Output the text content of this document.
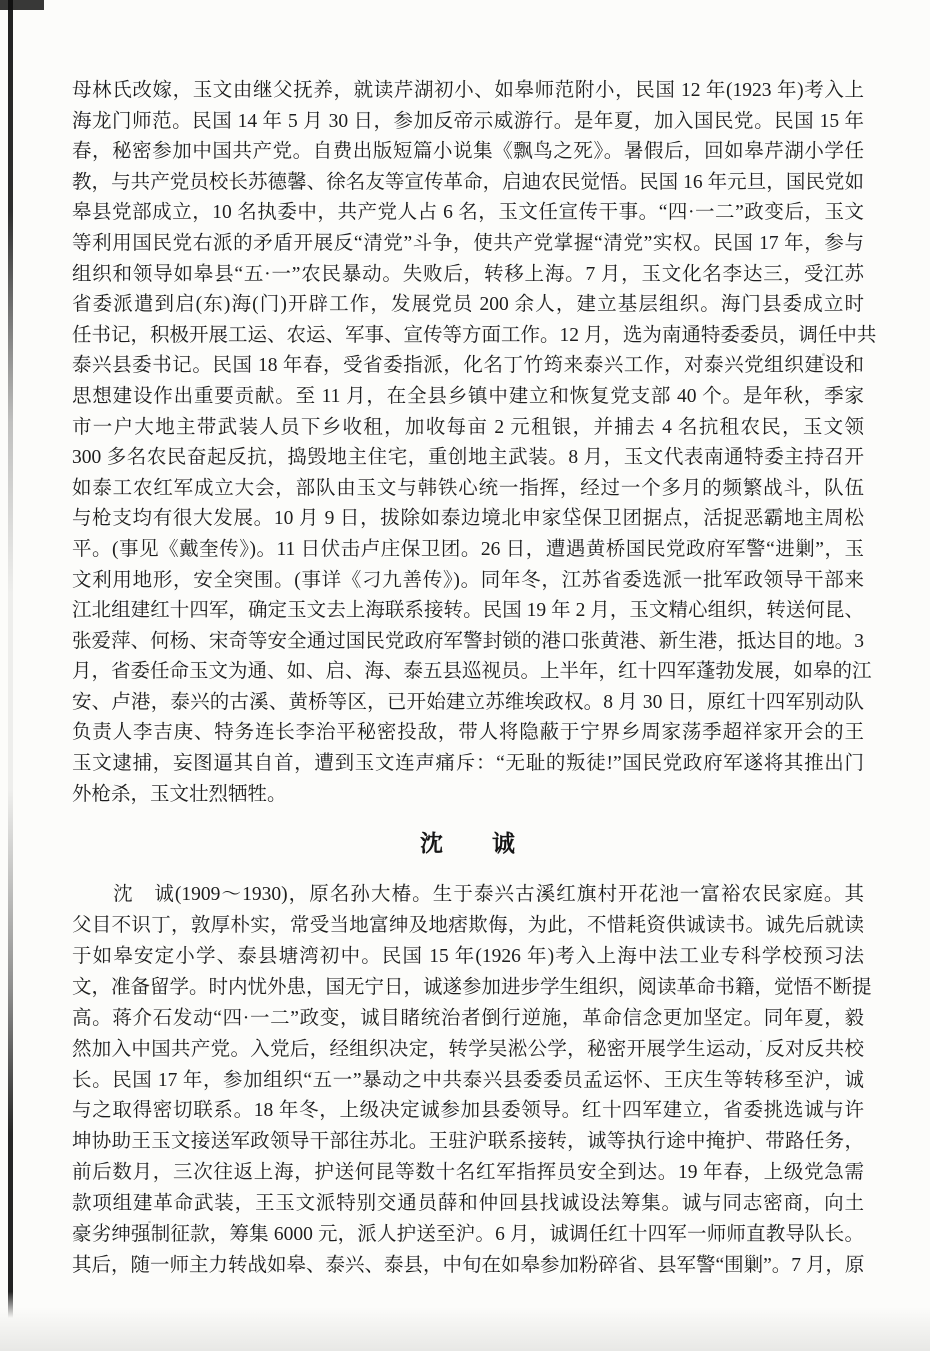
母林氏改嫁，玉文由继父抚养，就读芹湖初小、如皋师范附小，民国 12 年(1923 年)考入上
海龙门师范。民国 14 年 5 月 30 日，参加反帝示威游行。是年夏，加入国民党。民国 15 年
春，秘密参加中国共产党。自费出版短篇小说集《飘鸟之死》。暑假后，回如皋芹湖小学任
教，与共产党员校长苏德馨、徐名友等宣传革命，启迪农民觉悟。民国 16 年元旦，国民党如
皋县党部成立，10 名执委中，共产党人占 6 名，玉文任宣传干事。“四·一二”政变后，玉文
等利用国民党右派的矛盾开展反“清党”斗争，使共产党掌握“清党”实权。民国 17 年，参与
组织和领导如皋县“五·一”农民暴动。失败后，转移上海。7 月，玉文化名李达三，受江苏
省委派遣到启(东)海(门)开辟工作，发展党员 200 余人，建立基层组织。海门县委成立时
任书记，积极开展工运、农运、军事、宣传等方面工作。12 月，选为南通特委委员，调任中共
泰兴县委书记。民国 18 年春，受省委指派，化名丁竹筠来泰兴工作，对泰兴党组织建设和
思想建设作出重要贡献。至 11 月，在全县乡镇中建立和恢复党支部 40 个。是年秋，季家
市一户大地主带武装人员下乡收租，加收每亩 2 元租银，并捕去 4 名抗租农民，玉文领
300 多名农民奋起反抗，捣毁地主住宅，重创地主武装。8 月，玉文代表南通特委主持召开
如泰工农红军成立大会，部队由玉文与韩铁心统一指挥，经过一个多月的频繁战斗，队伍
与枪支均有很大发展。10 月 9 日，拔除如泰边境北申家垈保卫团据点，活捉恶霸地主周松
平。(事见《戴奎传》)。11 日伏击卢庄保卫团。26 日，遭遇黄桥国民党政府军警“进剿”，玉
文利用地形，安全突围。(事详《刁九善传》)。同年冬，江苏省委选派一批军政领导干部来
江北组建红十四军，确定玉文去上海联系接转。民国 19 年 2 月，玉文精心组织，转送何昆、
张爱萍、何杨、宋奇等安全通过国民党政府军警封锁的港口张黄港、新生港，抵达目的地。3
月，省委任命玉文为通、如、启、海、泰五县巡视员。上半年，红十四军蓬勃发展，如皋的江
安、卢港，泰兴的古溪、黄桥等区，已开始建立苏维埃政权。8 月 30 日，原红十四军别动队
负责人李吉庚、特务连长李治平秘密投敌，带人将隐蔽于宁界乡周家荡季超祥家开会的王
玉文逮捕，妄图逼其自首，遭到玉文连声痛斥：“无耻的叛徒!”国民党政府军遂将其推出门
外枪杀，玉文壮烈牺牲。
沈　　诚
　　沈　诚(1909～1930)，原名孙大椿。生于泰兴古溪红旗村开花池一富裕农民家庭。其
父目不识丁，敦厚朴实，常受当地富绅及地痞欺侮，为此，不惜耗资供诚读书。诚先后就读
于如皋安定小学、泰县塘湾初中。民国 15 年(1926 年)考入上海中法工业专科学校预习法
文，准备留学。时内忧外患，国无宁日，诚遂参加进步学生组织，阅读革命书籍，觉悟不断提
高。蒋介石发动“四·一二”政变，诚目睹统治者倒行逆施，革命信念更加坚定。同年夏，毅
然加入中国共产党。入党后，经组织决定，转学吴淞公学，秘密开展学生运动，反对反共校
长。民国 17 年，参加组织“五一”暴动之中共泰兴县委委员孟运怀、王庆生等转移至沪，诚
与之取得密切联系。18 年冬，上级决定诚参加县委领导。红十四军建立，省委挑选诚与许
坤协助王玉文接送军政领导干部往苏北。王驻沪联系接转，诚等执行途中掩护、带路任务，
前后数月，三次往返上海，护送何昆等数十名红军指挥员安全到达。19 年春，上级党急需
款项组建革命武装，王玉文派特别交通员薛和仲回县找诚设法筹集。诚与同志密商，向土
豪劣绅强制征款，筹集 6000 元，派人护送至沪。6 月，诚调任红十四军一师师直教导队长。
其后，随一师主力转战如皋、泰兴、泰县，中旬在如皋参加粉碎省、县军警“围剿”。7 月，原
